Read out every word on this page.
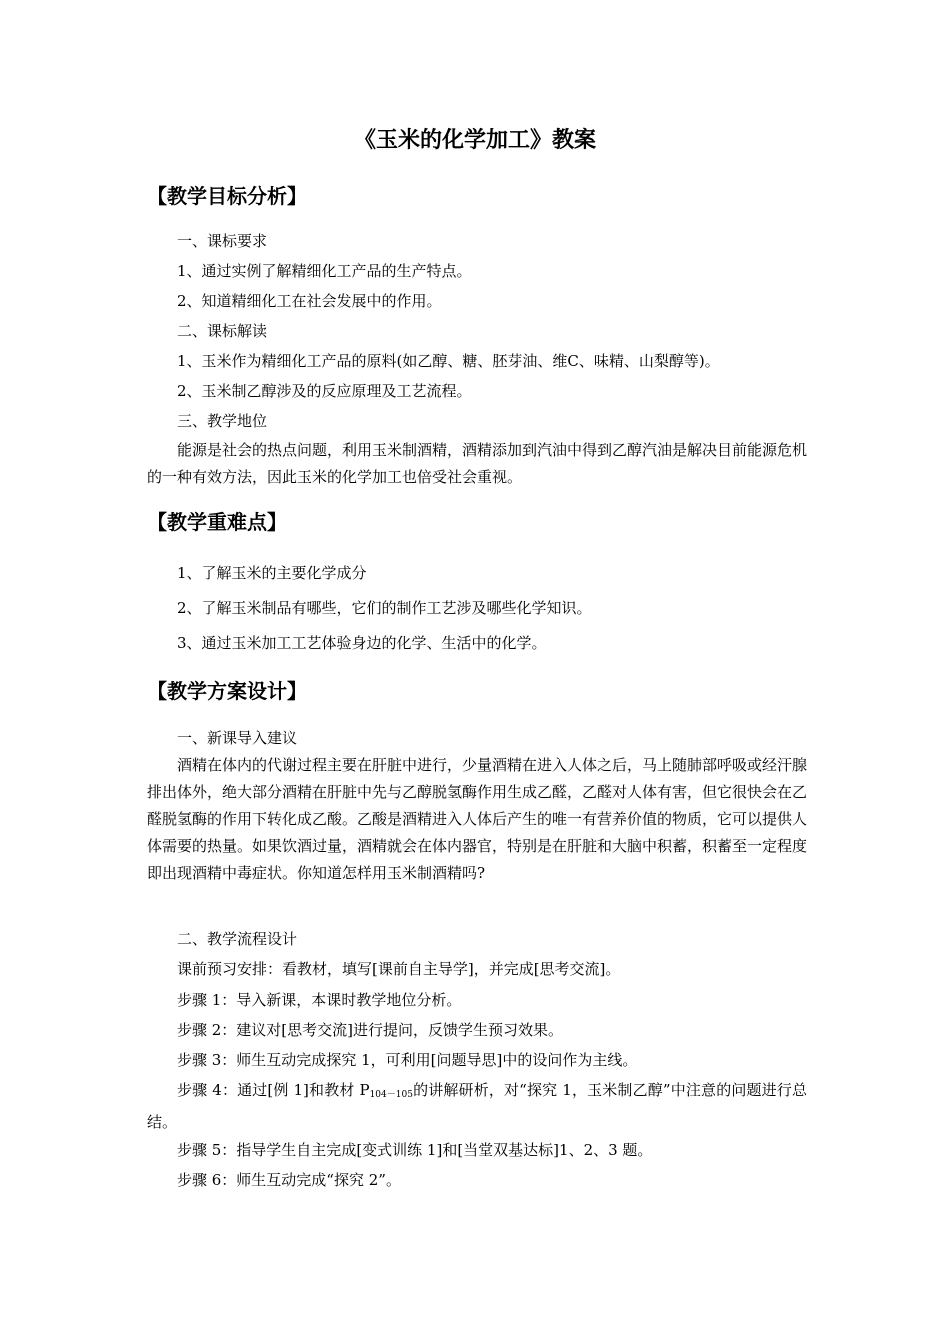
《玉米的化学加工》教案
【教学目标分析】
一、课标要求
1、通过实例了解精细化工产品的生产特点。
2、知道精细化工在社会发展中的作用。
二、课标解读
1、玉米作为精细化工产品的原料(如乙醇、糖、胚芽油、维C、味精、山梨醇等)。
2、玉米制乙醇涉及的反应原理及工艺流程。
三、教学地位
能源是社会的热点问题，利用玉米制酒精，酒精添加到汽油中得到乙醇汽油是解决目前能源危机的一种有效方法，因此玉米的化学加工也倍受社会重视。
【教学重难点】
1、了解玉米的主要化学成分
2、了解玉米制品有哪些，它们的制作工艺涉及哪些化学知识。
3、通过玉米加工工艺体验身边的化学、生活中的化学。
【教学方案设计】
一、新课导入建议
酒精在体内的代谢过程主要在肝脏中进行，少量酒精在进入人体之后，马上随肺部呼吸或经汗腺排出体外，绝大部分酒精在肝脏中先与乙醇脱氢酶作用生成乙醛，乙醛对人体有害，但它很快会在乙醛脱氢酶的作用下转化成乙酸。乙酸是酒精进入人体后产生的唯一有营养价值的物质，它可以提供人体需要的热量。如果饮酒过量，酒精就会在体内器官，特别是在肝脏和大脑中积蓄，积蓄至一定程度即出现酒精中毒症状。你知道怎样用玉米制酒精吗?
二、教学流程设计
课前预习安排：看教材，填写[课前自主导学]，并完成[思考交流]。
步骤 1：导入新课，本课时教学地位分析。
步骤 2：建议对[思考交流]进行提问，反馈学生预习效果。
步骤 3：师生互动完成探究 1，可利用[问题导思]中的设问作为主线。
步骤 4：通过[例 1]和教材 $P_{104-105}$的讲解研析，对“探究 1，玉米制乙醇”中注意的问题进行总结。
步骤 5：指导学生自主完成[变式训练 1]和[当堂双基达标]1、2、3 题。
步骤 6：师生互动完成“探究 2”。
